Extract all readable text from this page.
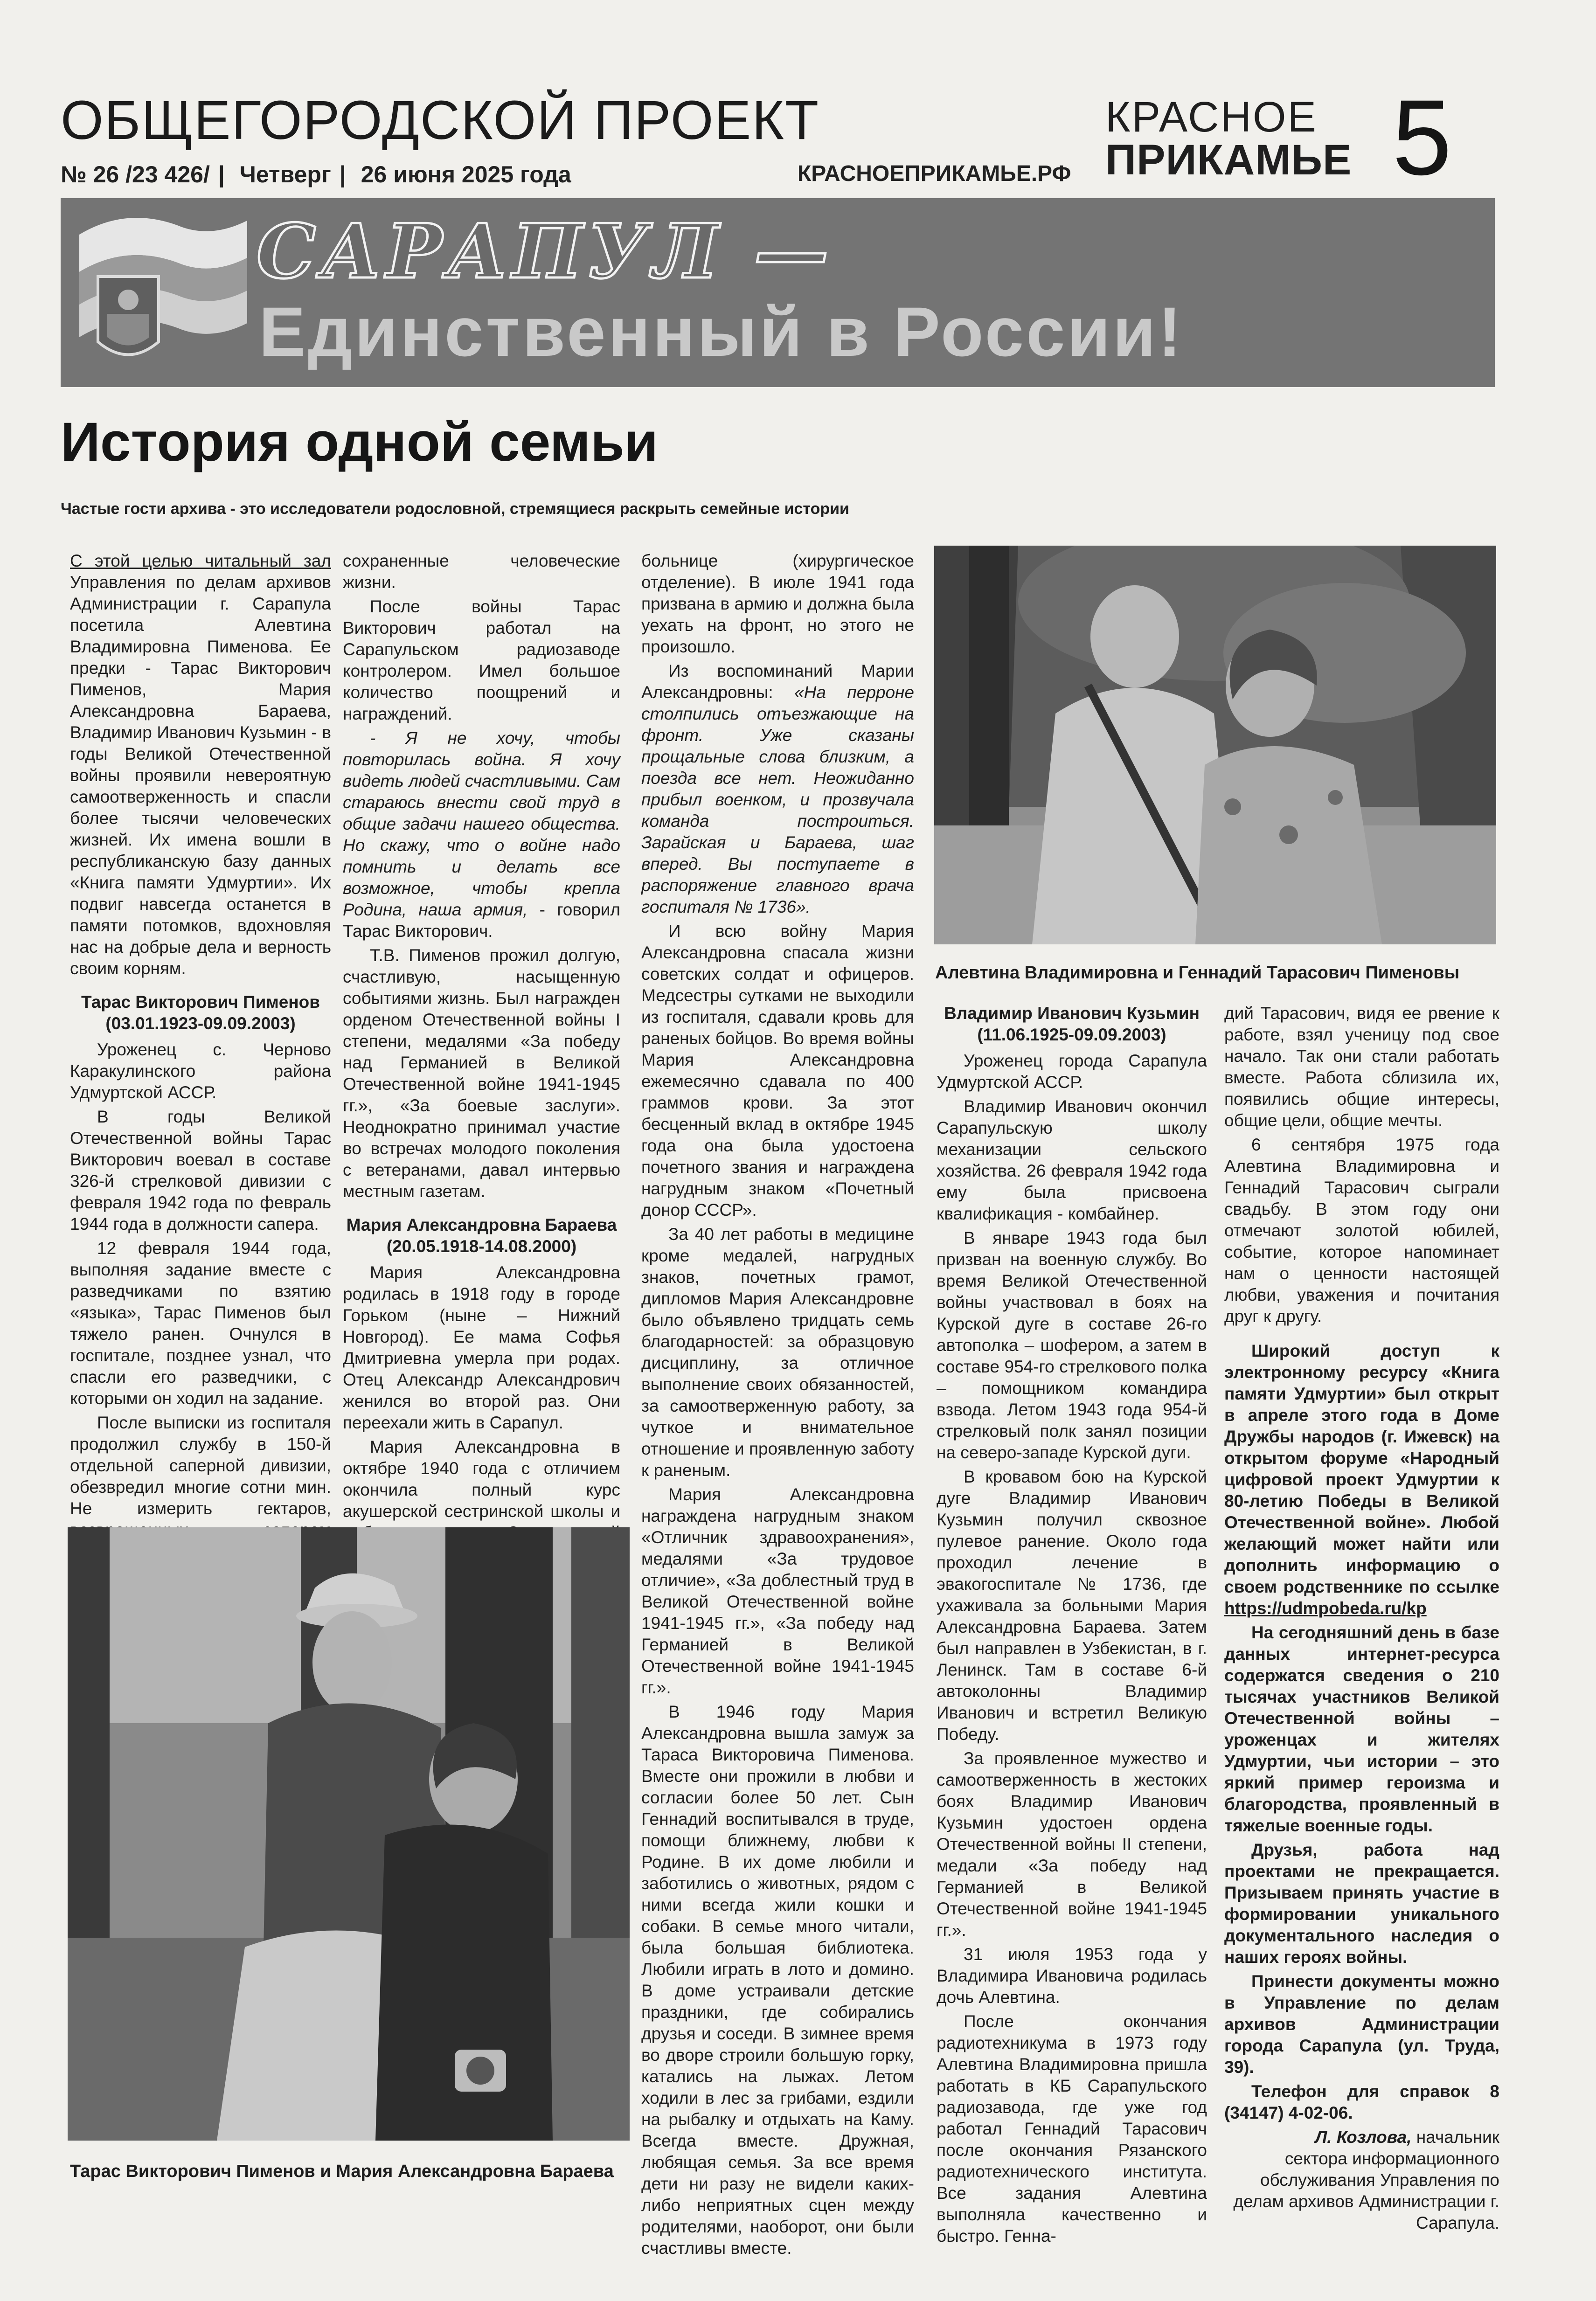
ОБЩЕГОРОДСКОЙ ПРОЕКТ
№ 26 /23 426/ | Четверг | 26 июня 2025 года	КРАСНОЕПРИКАМЬЕ.РФ
КРАСНОЕ
ПРИКАМЬЕ 5
САРАПУЛ —
Единственный в России!
История одной семьи
Частые гости архива - это исследователи родословной, стремящиеся раскрыть семейные истории

С этой целью читальный зал Управления по делам архивов Администрации г. Сарапула посетила Алевтина Владимировна Пименова. Ее предки - Тарас Викторович Пименов, Мария Александровна Бараева, Владимир Иванович Кузьмин - в годы Великой Отечественной войны проявили невероятную самоотверженность и спасли более тысячи человеческих жизней. Их имена вошли в республиканскую базу данных «Книга памяти Удмуртии». Их подвиг навсегда останется в памяти потомков, вдохновляя нас на добрые дела и верность своим корням.

Тарас Викторович Пименов
(03.01.1923-09.09.2003)

Уроженец с. Черново Каракулинского района Удмуртской АССР.

В годы Великой Отечественной войны Тарас Викторович воевал в составе 326-й стрелковой дивизии с февраля 1942 года по февраль 1944 года в должности сапера.

12 февраля 1944 года, выполняя задание вместе с разведчиками по взятию «языка», Тарас Пименов был тяжело ранен. Очнулся в госпитале, позднее узнал, что спасли его разведчики, с которыми он ходил на задание.

После выписки из госпиталя продолжил службу в 150-й отдельной саперной дивизии, обезвредил многие сотни мин. Не измерить гектаров,

сохраненные человеческие жизни.

После войны Тарас Викторович работал на Сарапульском радиозаводе контролером. Имел большое количество поощрений и награждений.

- Я не хочу, чтобы повторилась война. Я хочу видеть людей счастливыми. Сам стараюсь внести свой труд в общие задачи нашего общества. Но скажу, что о войне надо помнить и делать все возможное, чтобы крепла Родина, наша армия, - говорил Тарас Викторович.

Т.В. Пименов прожил долгую, счастливую, насыщенную событиями жизнь. Был награжден орденом Отечественной войны I степени, медалями «За победу над Германией в Великой Отечественной войне 1941-1945 гг.», «За боевые заслуги». Неоднократно принимал участие во встречах молодого поколения с ветеранами, давал интервью местным газетам.

Мария Александровна Бараева
(20.05.1918-14.08.2000)

Мария Александровна родилась в 1918 году в городе Горьком (ныне – Нижний Новгород). Ее мама Софья Дмитриевна умерла при родах. Отец Александр Александрович женился во второй раз. Они переехали жить в Сарапул.

Мария Александровна в октябре 1940 года с отличием окончила полный курс акушерской сестринской школы и

больнице (хирургическое отделение). В июле 1941 года призвана в армию и должна была уехать на фронт, но этого не произошло.

Из воспоминаний Марии Александровны: «На перроне столпились отъезжающие на фронт. Уже сказаны прощальные слова близким, а поезда все нет. Неожиданно прибыл военком, и прозвучала команда построиться. Зарайская и Бараева, шаг вперед. Вы поступаете в распоряжение главного врача госпиталя № 1736».

И всю войну Мария Александровна спасала жизни советских солдат и офицеров. Медсестры сутками не выходили из госпиталя, сдавали кровь для раненых бойцов. Во время войны Мария Александровна ежемесячно сдавала по 400 граммов крови. За этот бесценный вклад в октябре 1945 года она была удостоена почетного звания и награждена нагрудным знаком «Почетный донор СССР».

За 40 лет работы в медицине кроме медалей, нагрудных знаков, почетных грамот, дипломов Мария Александровне было объявлено тридцать семь благодарностей: за образцовую дисциплину, за отличное выполнение своих обязанностей, за самоотверженную работу, за чуткое и внимательное отношение и проявленную заботу к раненым.

Мария Александровна награждена нагрудным знаком «Отличник здравоохранения», медалями «За трудовое отличие», «За доблестный труд в Великой Отечественной войне 1941-1945 гг.», «За победу над Германией в Великой Отечественной войне 1941-1945 гг.».

В 1946 году Мария Александровна вышла замуж за Тараса Викторовича Пименова. Вместе они прожили в любви и согласии более 50 лет. Сын Геннадий воспитывался в труде, помощи ближнему, любви к Родине. В их доме любили и заботились о животных, рядом с ними всегда жили кошки и собаки. В семье много читали, была большая библиотека. Любили играть в лото и домино. В доме устраивали детские праздники, где собирались друзья и соседи. В зимнее время во дворе строили большую горку, катались на лыжах. Летом ходили в лес за грибами, ездили на рыбалку и отдыхать на Каму. Всегда вместе. Дружная, любящая семья. За все время дети ни разу не видели каких-либо неприятных сцен между родителями, наоборот, они были счастливы вместе.

Алевтина Владимировна и Геннадий Тарасович Пименовы
Владимир Иванович Кузьмин
(11.06.1925-09.09.2003)

Уроженец города Сарапула Удмуртской АССР.

Владимир Иванович окончил Сарапульскую школу механизации сельского хозяйства. 26 февраля 1942 года ему была присвоена квалификация - комбайнер.

В январе 1943 года был призван на военную службу. Во время Великой Отечественной войны участвовал в боях на Курской дуге в составе 26-го автополка – шофером, а затем в составе 954-го стрелкового полка – помощником командира взвода. Летом 1943 года 954-й стрелковый полк занял позиции на северо-западе Курской дуги.

В кровавом бою на Курской дуге Владимир Иванович Кузьмин получил сквозное пулевое ранение. Около года проходил лечение в эвакогоспитале № 1736, где ухаживала за больными Мария Александровна Бараева. Затем был направлен в Узбекистан, в г. Ленинск. Там в составе 6-й автоколонны Владимир Иванович и встретил Великую Победу.

За проявленное мужество и самоотверженность в жестоких боях Владимир Иванович Кузьмин удостоен ордена Отечественной войны II степени, медали «За победу над Германией в Великой Отечественной войне 1941-1945 гг.».

31 июля 1953 года у Владимира Ивановича родилась дочь Алевтина.

После окончания радиотехникума в 1973 году Алевтина Владимировна пришла работать в КБ Сарапульского радиозавода, где уже год работал Геннадий Тарасович после окончания Рязанского радиотехнического института. Все задания Алевтина выполняла качественно и быстро. Генна-

дий Тарасович, видя ее рвение к работе, взял ученицу под свое начало. Так они стали работать вместе. Работа сблизила их, появились общие интересы, общие цели, общие мечты.

6 сентября 1975 года Алевтина Владимировна и Геннадий Тарасович сыграли свадьбу. В этом году они отмечают золотой юбилей, событие, которое напоминает нам о ценности настоящей любви, уважения и почитания друг к другу.

Широкий доступ к электронному ресурсу «Книга памяти Удмуртии» был открыт в апреле этого года в Доме Дружбы народов (г. Ижевск) на открытом форуме «Народный цифровой проект Удмуртии к 80-летию Победы в Великой Отечественной войне». Любой желающий может найти или дополнить информацию о своем родственнике по ссылке https://udmpobeda.ru/kp

На сегодняшний день в базе данных интернет-ресурса содержатся сведения о 210 тысячах участников Великой Отечественной войны – уроженцах и жителях Удмуртии, чьи истории – это яркий пример героизма и благородства, проявленный в тяжелые военные годы.

Друзья, работа над проектами не прекращается. Призываем принять участие в формировании уникального документального наследия о наших героях войны.

Принести документы можно в Управление по делам архивов Администрации города Сарапула (ул. Труда, 39).

Телефон для справок 8 (34147) 4-02-06.

Л. Козлова, начальник сектора информационного обслуживания Управления по делам архивов Администрации г. Сарапула.

Тарас Викторович Пименов и Мария Александровна Бараева
